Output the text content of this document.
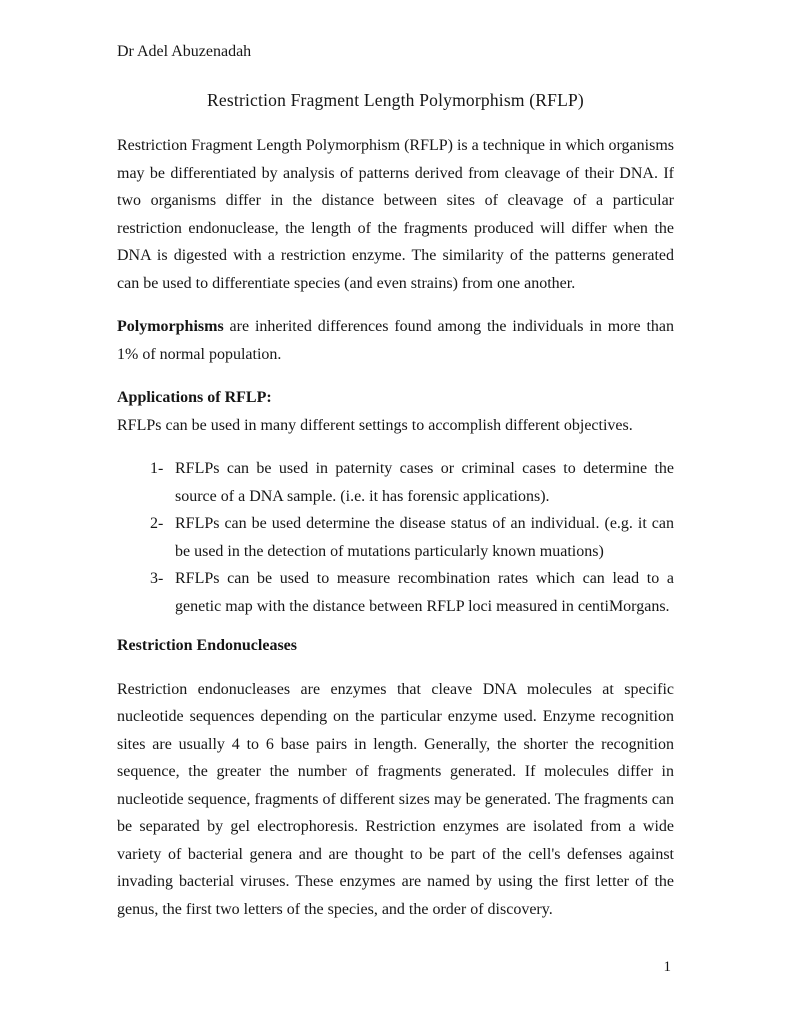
Dr Adel Abuzenadah
Restriction Fragment Length Polymorphism (RFLP)

Restriction Fragment Length Polymorphism (RFLP) is a technique in which organisms may be differentiated by analysis of patterns derived from cleavage of their DNA. If two organisms differ in the distance between sites of cleavage of a particular restriction endonuclease, the length of the fragments produced will differ when the DNA is digested with a restriction enzyme. The similarity of the patterns generated can be used to differentiate species (and even strains) from one another.

Polymorphisms are inherited differences found among the individuals in more than 1% of normal population.

Applications of RFLP:

RFLPs can be used in many different settings to accomplish different objectives.

1- RFLPs can be used in paternity cases or criminal cases to determine the source of a DNA sample. (i.e. it has forensic applications).
2- RFLPs can be used determine the disease status of an individual. (e.g. it can be used in the detection of mutations particularly known muations)
3- RFLPs can be used to measure recombination rates which can lead to a genetic map with the distance between RFLP loci measured in centiMorgans.
Restriction Endonucleases

Restriction endonucleases are enzymes that cleave DNA molecules at specific nucleotide sequences depending on the particular enzyme used. Enzyme recognition sites are usually 4 to 6 base pairs in length. Generally, the shorter the recognition sequence, the greater the number of fragments generated. If molecules differ in nucleotide sequence, fragments of different sizes may be generated. The fragments can be separated by gel electrophoresis. Restriction enzymes are isolated from a wide variety of bacterial genera and are thought to be part of the cell's defenses against invading bacterial viruses. These enzymes are named by using the first letter of the genus, the first two letters of the species, and the order of discovery.

1
